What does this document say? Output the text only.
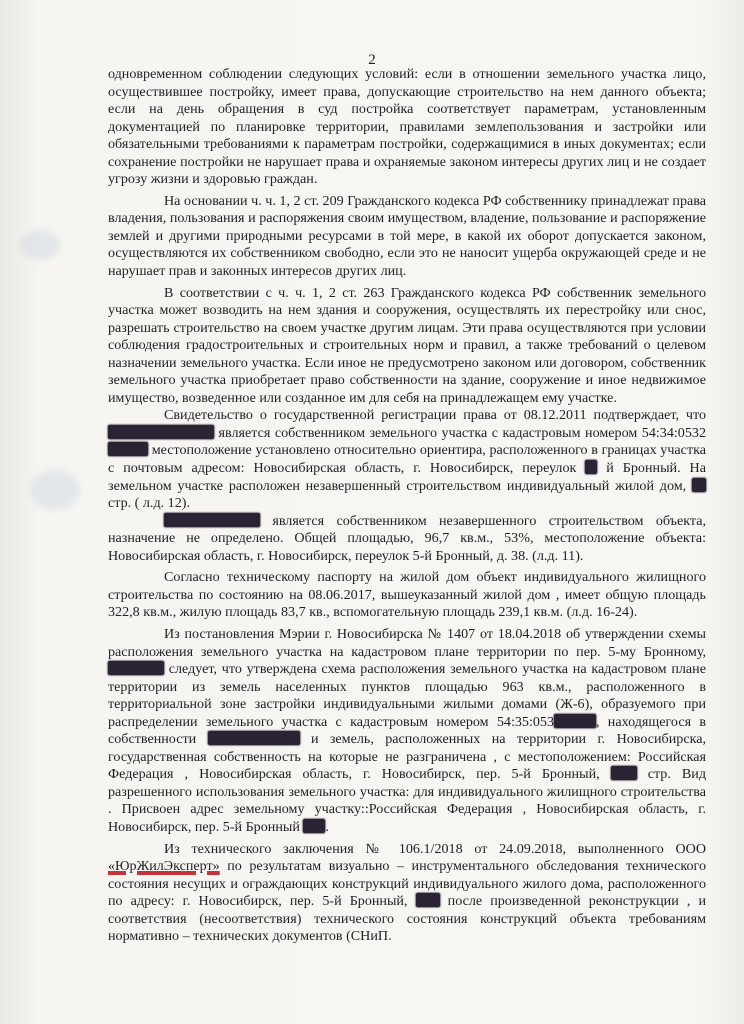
2

одновременном соблюдении следующих условий: если в отношении земельного участка лицо, осуществившее постройку, имеет права, допускающие строительство на нем данного объекта; если на день обращения в суд постройка соответствует параметрам, установленным документацией по планировке территории, правилами землепользования и застройки или обязательными требованиями к параметрам постройки, содержащимися в иных документах; если сохранение постройки не нарушает права и охраняемые законом интересы других лиц и не создает угрозу жизни и здоровью граждан.

На основании ч. ч. 1, 2 ст. 209 Гражданского кодекса РФ собственнику принадлежат права владения, пользования и распоряжения своим имуществом, владение, пользование и распоряжение землей и другими природными ресурсами в той мере, в какой их оборот допускается законом, осуществляются их собственником свободно, если это не наносит ущерба окружающей среде и не нарушает прав и законных интересов других лиц.

В соответствии с ч. ч. 1, 2 ст. 263 Гражданского кодекса РФ собственник земельного участка может возводить на нем здания и сооружения, осуществлять их перестройку или снос, разрешать строительство на своем участке другим лицам. Эти права осуществляются при условии соблюдения градостроительных и строительных норм и правил, а также требований о целевом назначении земельного участка. Если иное не предусмотрено законом или договором, собственник земельного участка приобретает право собственности на здание, сооружение и иное недвижимое имущество, возведенное или созданное им для себя на принадлежащем ему участке.

Свидетельство о государственной регистрации права от 08.12.2011 подтверждает, что  является собственником земельного участка с кадастровым номером 54:34:0532 местоположение установлено относительно ориентира, расположенного в границах участка с почтовым адресом: Новосибирская область, г. Новосибирск, переулок й Бронный. На земельном участке расположен незавершенный строительством индивидуальный жилой дом,  стр. ( л.д. 12).

является собственником незавершенного строительством объекта, назначение не определено. Общей площадью, 96,7 кв.м., 53%, местоположение объекта: Новосибирская область, г. Новосибирск, переулок 5-й Бронный, д. 38. (л.д. 11).

Согласно техническому паспорту на жилой дом объект индивидуального жилищного строительства по состоянию на 08.06.2017, вышеуказанный жилой дом , имеет общую площадь 322,8 кв.м., жилую площадь 83,7 кв., вспомогательную площадь 239,1 кв.м. (л.д. 16-24).

Из постановления Мэрии г. Новосибирска № 1407 от 18.04.2018 об утверждении схемы расположения земельного участка на кадастровом плане территории по пер. 5-му Бронному,  следует, что утверждена схема расположения земельного участка на кадастровом плане территории из земель населенных пунктов площадью 963 кв.м., расположенного в территориальной зоне застройки индивидуальными жилыми домами (Ж-6), образуемого при распределении земельного участка с кадастровым номером 54:35:053	, находящегося в собственности	и земель, расположенных на территории г. Новосибирска, государственная собственность на которые не разграничена , с местоположением: Российская Федерация , Новосибирская область, г. Новосибирск, пер. 5-й Бронный,	стр. Вид разрешенного использования земельного участка: для индивидуального жилищного строительства . Присвоен адрес земельному участку::Российская Федерация , Новосибирская область, г. Новосибирск, пер. 5-й Бронный .

Из технического заключения № 106.1/2018 от 24.09.2018, выполненного ООО «ЮрЖилЭксперт» по результатам визуально – инструментального обследования технического состояния несущих и ограждающих конструкций индивидуального жилого дома, расположенного по адресу: г. Новосибирск, пер. 5-й Бронный,	после произведенной реконструкции , и соответствия (несоответствия) технического состояния конструкций объекта требованиям нормативно – технических документов (СНиП.
